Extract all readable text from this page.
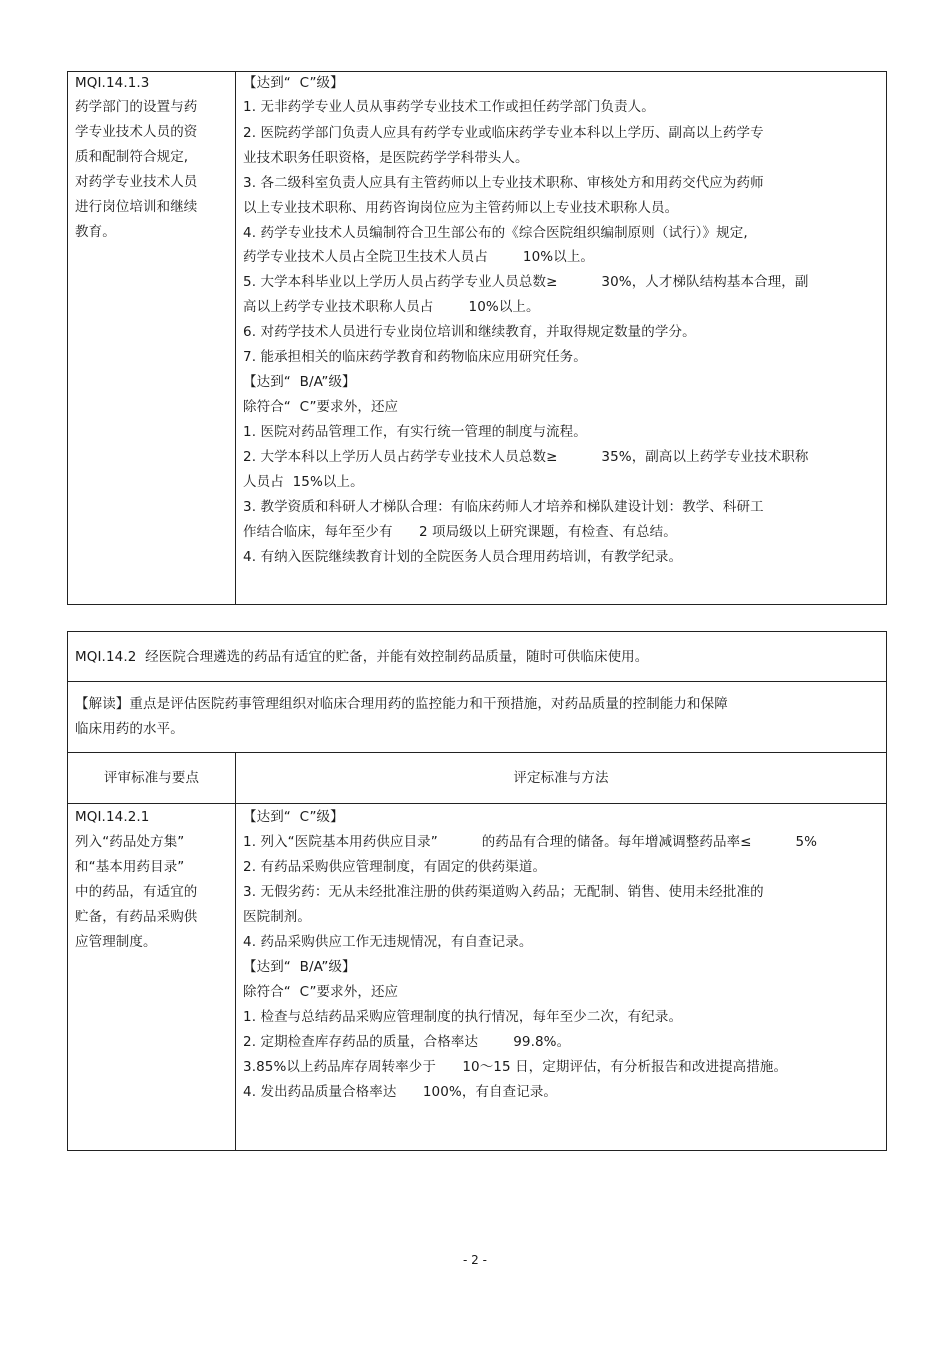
MQI.14.1.3
药学部门的设置与药
学专业技术人员的资
质和配制符合规定,
对药学专业技术人员
进行岗位培训和继续
教育。
【达到“  C”级】
1. 无非药学专业人员从事药学专业技术工作或担任药学部门负责人。
2. 医院药学部门负责人应具有药学专业或临床药学专业本科以上学历、副高以上药学专
业技术职务任职资格，是医院药学学科带头人。
3. 各二级科室负责人应具有主管药师以上专业技术职称、审核处方和用药交代应为药师
以上专业技术职称、用药咨询岗位应为主管药师以上专业技术职称人员。
4. 药学专业技术人员编制符合卫生部公布的《综合医院组织编制原则（试行）》规定,
药学专业技术人员占全院卫生技术人员占        10%以上。
5. 大学本科毕业以上学历人员占药学专业人员总数≥          30%，人才梯队结构基本合理，副
高以上药学专业技术职称人员占        10%以上。
6. 对药学技术人员进行专业岗位培训和继续教育，并取得规定数量的学分。
7. 能承担相关的临床药学教育和药物临床应用研究任务。
【达到“  B/A”级】
除符合“  C”要求外，还应
1. 医院对药品管理工作，有实行统一管理的制度与流程。
2. 大学本科以上学历人员占药学专业技术人员总数≥          35%，副高以上药学专业技术职称
人员占  15%以上。
3. 教学资质和科研人才梯队合理：有临床药师人才培养和梯队建设计划：教学、科研工
作结合临床，每年至少有      2 项局级以上研究课题，有检查、有总结。
4. 有纳入医院继续教育计划的全院医务人员合理用药培训，有教学纪录。
MQI.14.2  经医院合理遴选的药品有适宜的贮备，并能有效控制药品质量，随时可供临床使用。
【解读】重点是评估医院药事管理组织对临床合理用药的监控能力和干预措施，对药品质量的控制能力和保障
临床用药的水平。
评审标准与要点	评定标准与方法
MQI.14.2.1
列入“药品处方集”
和“基本用药目录”
中的药品，有适宜的
贮备，有药品采购供
应管理制度。
【达到“  C”级】
1. 列入“医院基本用药供应目录”          的药品有合理的储备。每年增减调整药品率≤          5%
2. 有药品采购供应管理制度，有固定的供药渠道。
3. 无假劣药：无从未经批准注册的供药渠道购入药品；无配制、销售、使用未经批准的
医院制剂。
4. 药品采购供应工作无违规情况，有自查记录。
【达到“  B/A”级】
除符合“  C”要求外，还应
1. 检查与总结药品采购应管理制度的执行情况，每年至少二次，有纪录。
2. 定期检查库存药品的质量，合格率达        99.8%。
3.85%以上药品库存周转率少于      10～15 日，定期评估，有分析报告和改进提高措施。
4. 发出药品质量合格率达      100%，有自查记录。
- 2 -
